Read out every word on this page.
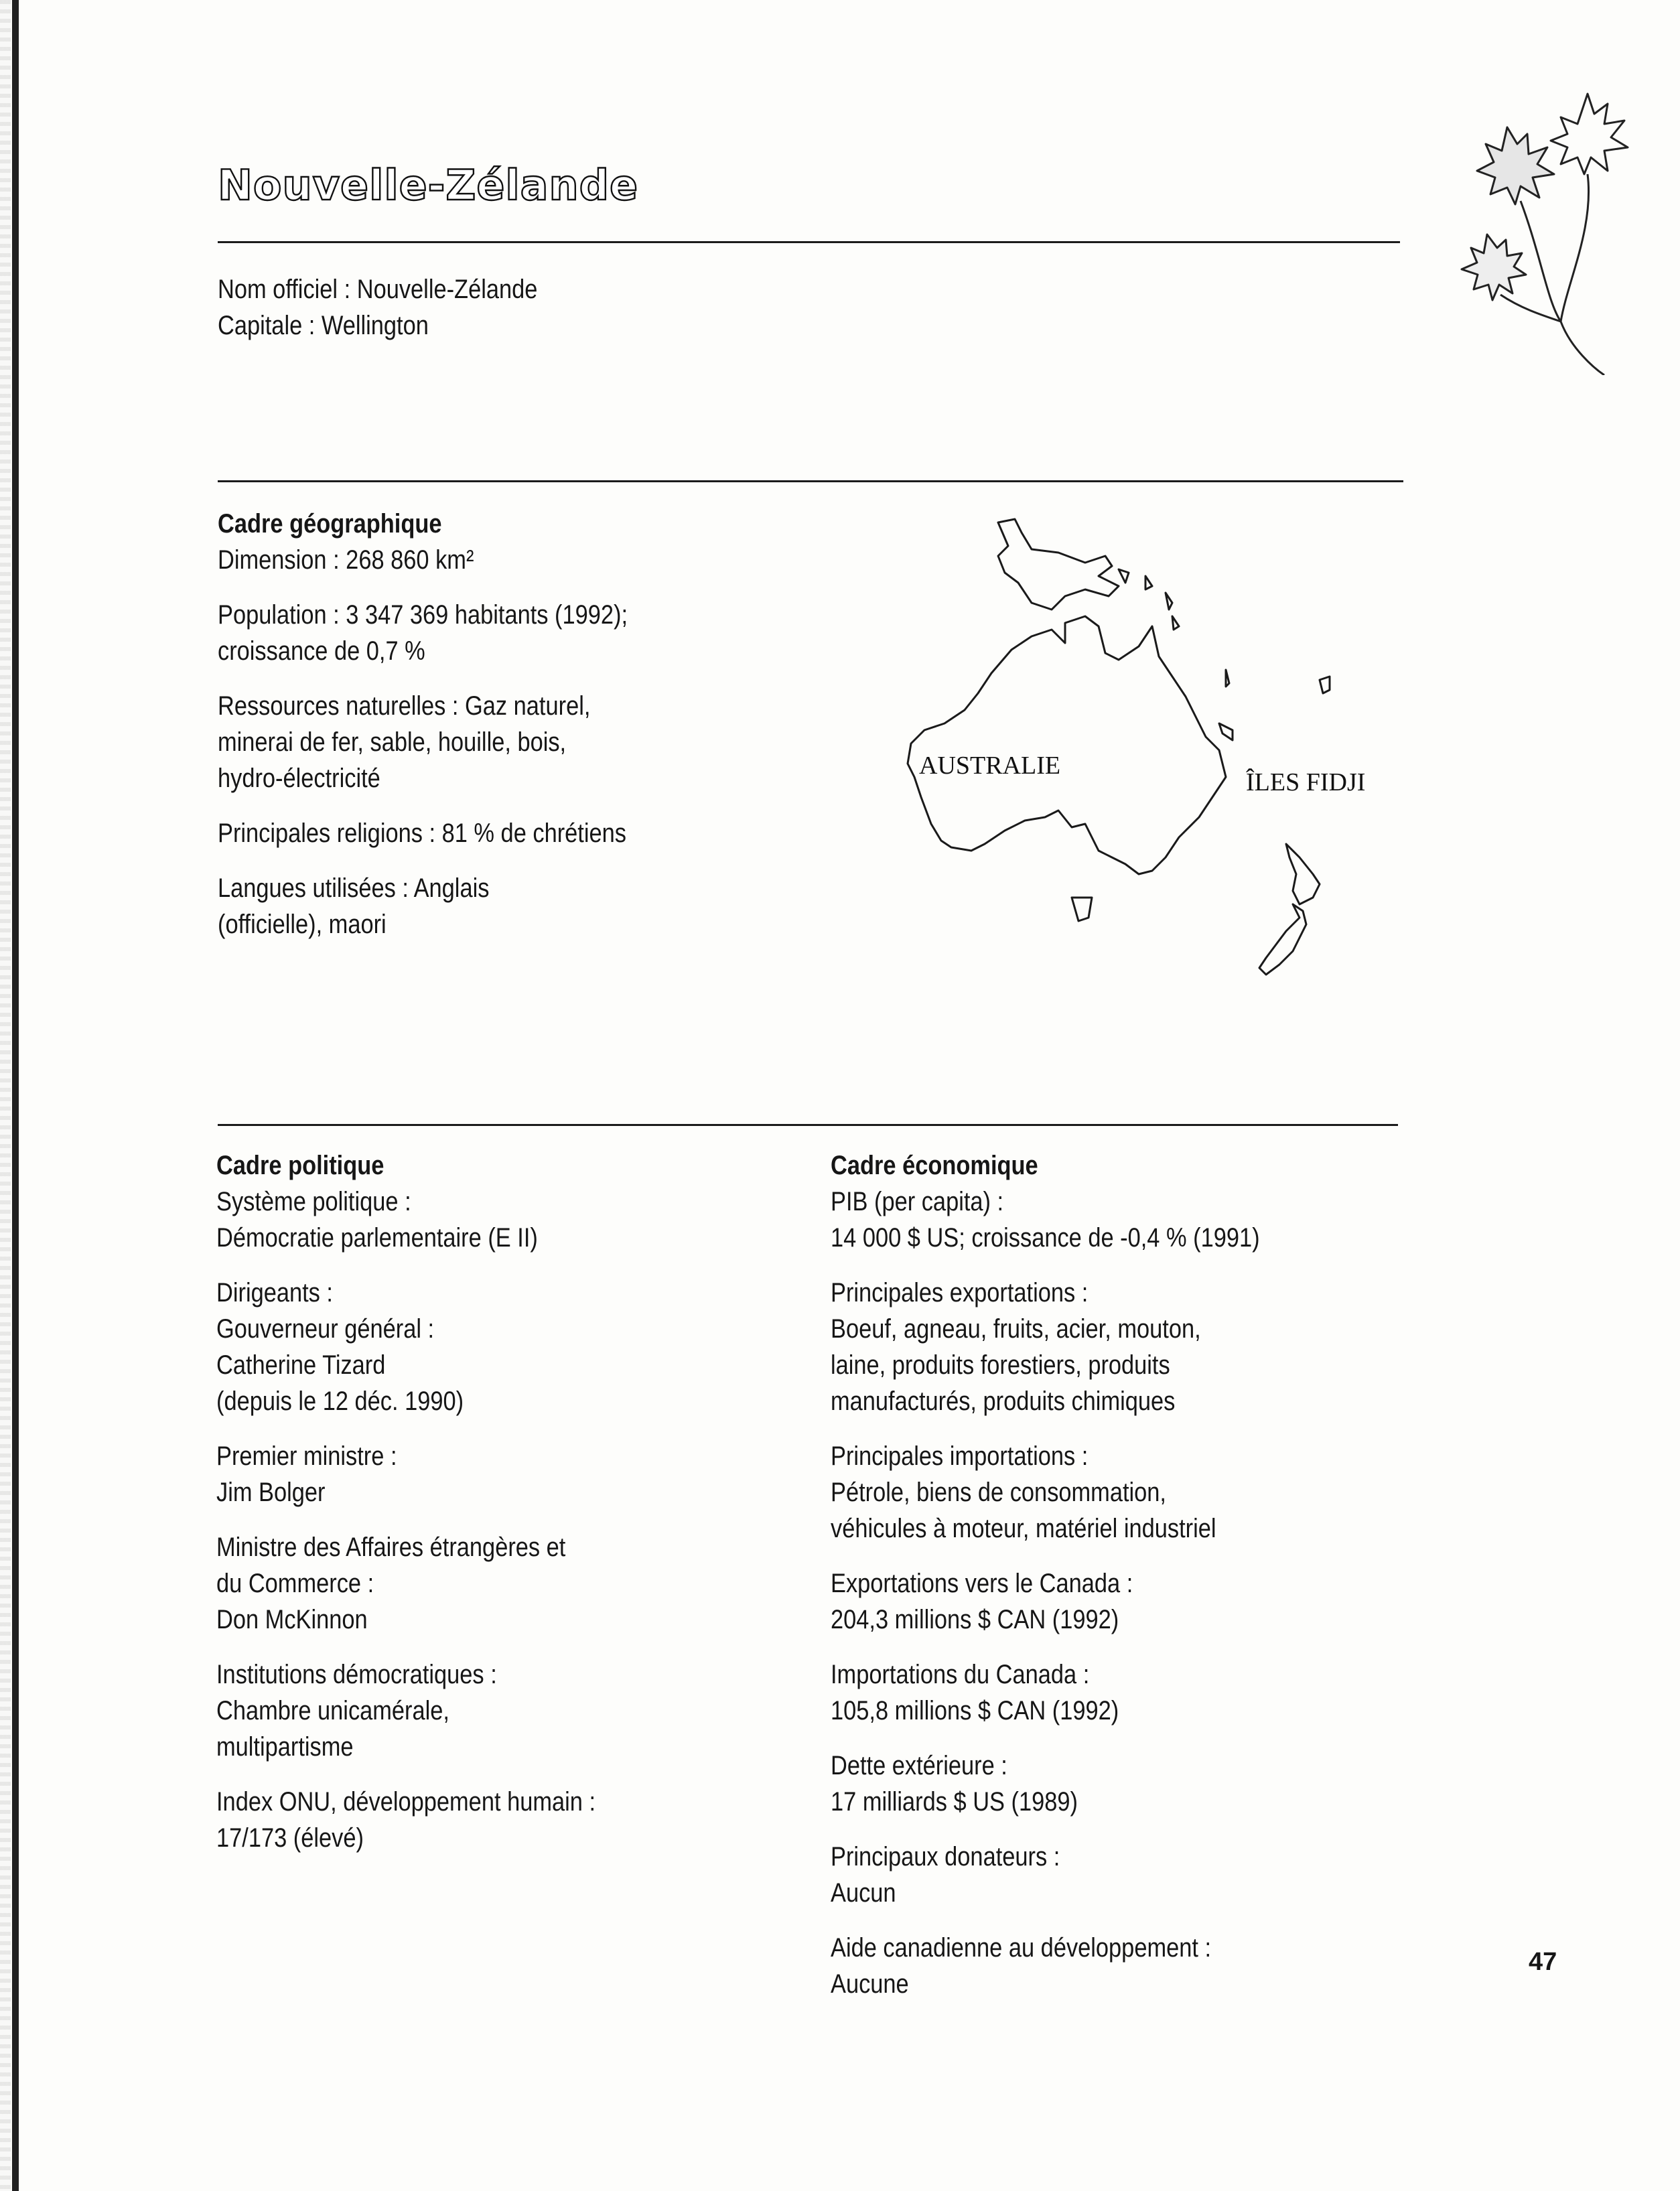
Nouvelle-Zélande
Nom officiel : Nouvelle-Zélande
Capitale : Wellington
Cadre géographique
Dimension : 268 860 km²
Population : 3 347 369 habitants (1992);
croissance de 0,7 %
Ressources naturelles : Gaz naturel,
minerai de fer, sable, houille, bois,
hydro-électricité
Principales religions : 81 % de chrétiens
Langues utilisées : Anglais
(officielle), maori
AUSTRALIE
ÎLES FIDJI
Cadre politique
Système politique :
Démocratie parlementaire (E II)
Dirigeants :
Gouverneur général :
Catherine Tizard
(depuis le 12 déc. 1990)
Premier ministre :
Jim Bolger
Ministre des Affaires étrangères et
du Commerce :
Don McKinnon
Institutions démocratiques :
Chambre unicamérale,
multipartisme
Index ONU, développement humain :
17/173 (élevé)
Cadre économique
PIB (per capita) :
14 000 $ US; croissance de -0,4 % (1991)
Principales exportations :
Boeuf, agneau, fruits, acier, mouton,
laine, produits forestiers, produits
manufacturés, produits chimiques
Principales importations :
Pétrole, biens de consommation,
véhicules à moteur, matériel industriel
Exportations vers le Canada :
204,3 millions $ CAN (1992)
Importations du Canada :
105,8 millions $ CAN (1992)
Dette extérieure :
17 milliards $ US (1989)
Principaux donateurs :
Aucun
Aide canadienne au développement :
Aucune
47
